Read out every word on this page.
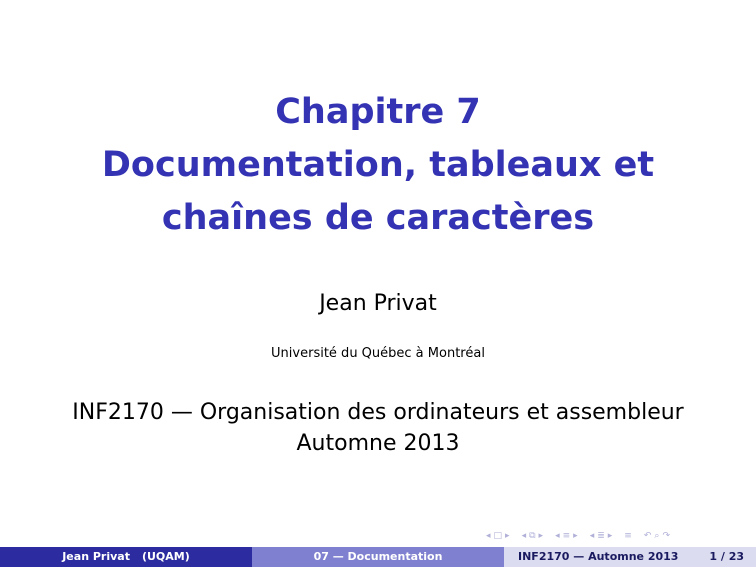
Chapitre 7
Documentation, tableaux et
chaînes de caractères
Jean Privat
Université du Québec à Montréal
INF2170 — Organisation des ordinateurs et assembleur
Automne 2013
◂ □ ▸ ◂ ⧉ ▸ ◂ ≡ ▸ ◂ ≣ ▸ ≡ ↶ ⌕ ↷
Jean Privat (UQAM)	07 — Documentation	INF2170 — Automne 2013	1 / 23
